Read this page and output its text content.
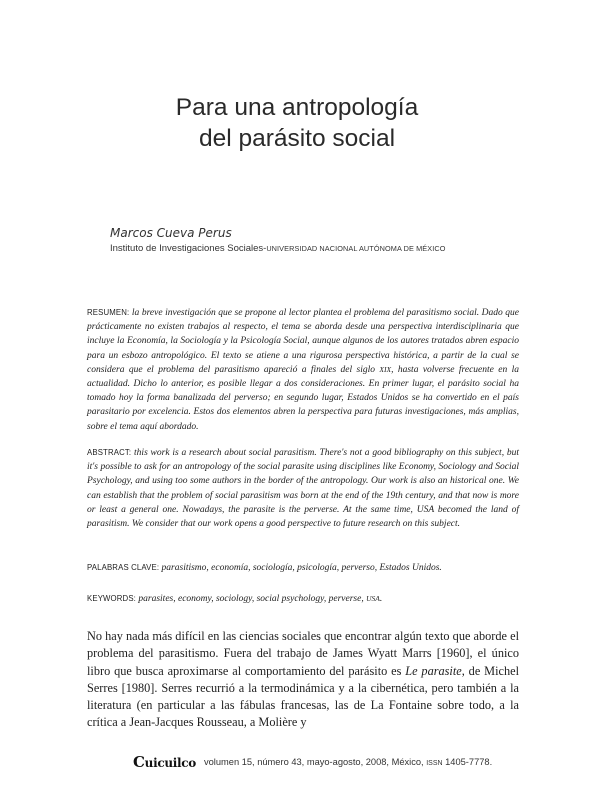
Para una antropología
del parásito social
Marcos Cueva Perus
Instituto de Investigaciones Sociales-UNIVERSIDAD NACIONAL AUTÓNOMA DE MÉXICO

RESUMEN: la breve investigación que se propone al lector plantea el problema del parasitismo social. Dado que prácticamente no existen trabajos al respecto, el tema se aborda desde una perspectiva interdisciplinaria que incluye la Economía, la Sociología y la Psicología Social, aunque algunos de los autores tratados abren espacio para un esbozo antropológico. El texto se atiene a una rigurosa perspectiva histórica, a partir de la cual se considera que el problema del parasitismo apareció a finales del siglo XIX, hasta volverse frecuente en la actualidad. Dicho lo anterior, es posible llegar a dos consideraciones. En primer lugar, el parásito social ha tomado hoy la forma banalizada del perverso; en segundo lugar, Estados Unidos se ha convertido en el país parasitario por excelencia. Estos dos elementos abren la perspectiva para futuras investigaciones, más amplias, sobre el tema aquí abordado.

ABSTRACT: this work is a research about social parasitism. There's not a good bibliography on this subject, but it's possible to ask for an antropology of the social parasite using disciplines like Economy, Sociology and Social Psychology, and using too some authors in the border of the antropology. Our work is also an historical one. We can establish that the problem of social parasitism was born at the end of the 19th century, and that now is more or least a general one. Nowadays, the parasite is the perverse. At the same time, USA becomed the land of parasitism. We consider that our work opens a good perspective to future research on this subject.

PALABRAS CLAVE: parasitismo, economía, sociología, psicología, perverso, Estados Unidos.

KEYWORDS: parasites, economy, sociology, social psychology, perverse, USA.

No hay nada más difícil en las ciencias sociales que encontrar algún texto que aborde el problema del parasitismo. Fuera del trabajo de James Wyatt Marrs [1960], el único libro que busca aproximarse al comportamiento del parásito es Le parasite, de Michel Serres [1980]. Serres recurrió a la termodinámica y a la cibernética, pero también a la literatura (en particular a las fábulas francesas, las de La Fontaine sobre todo, a la crítica a Jean-Jacques Rousseau, a Molière y

Cuicuilco volumen 15, número 43, mayo-agosto, 2008, México, ISSN 1405-7778.
